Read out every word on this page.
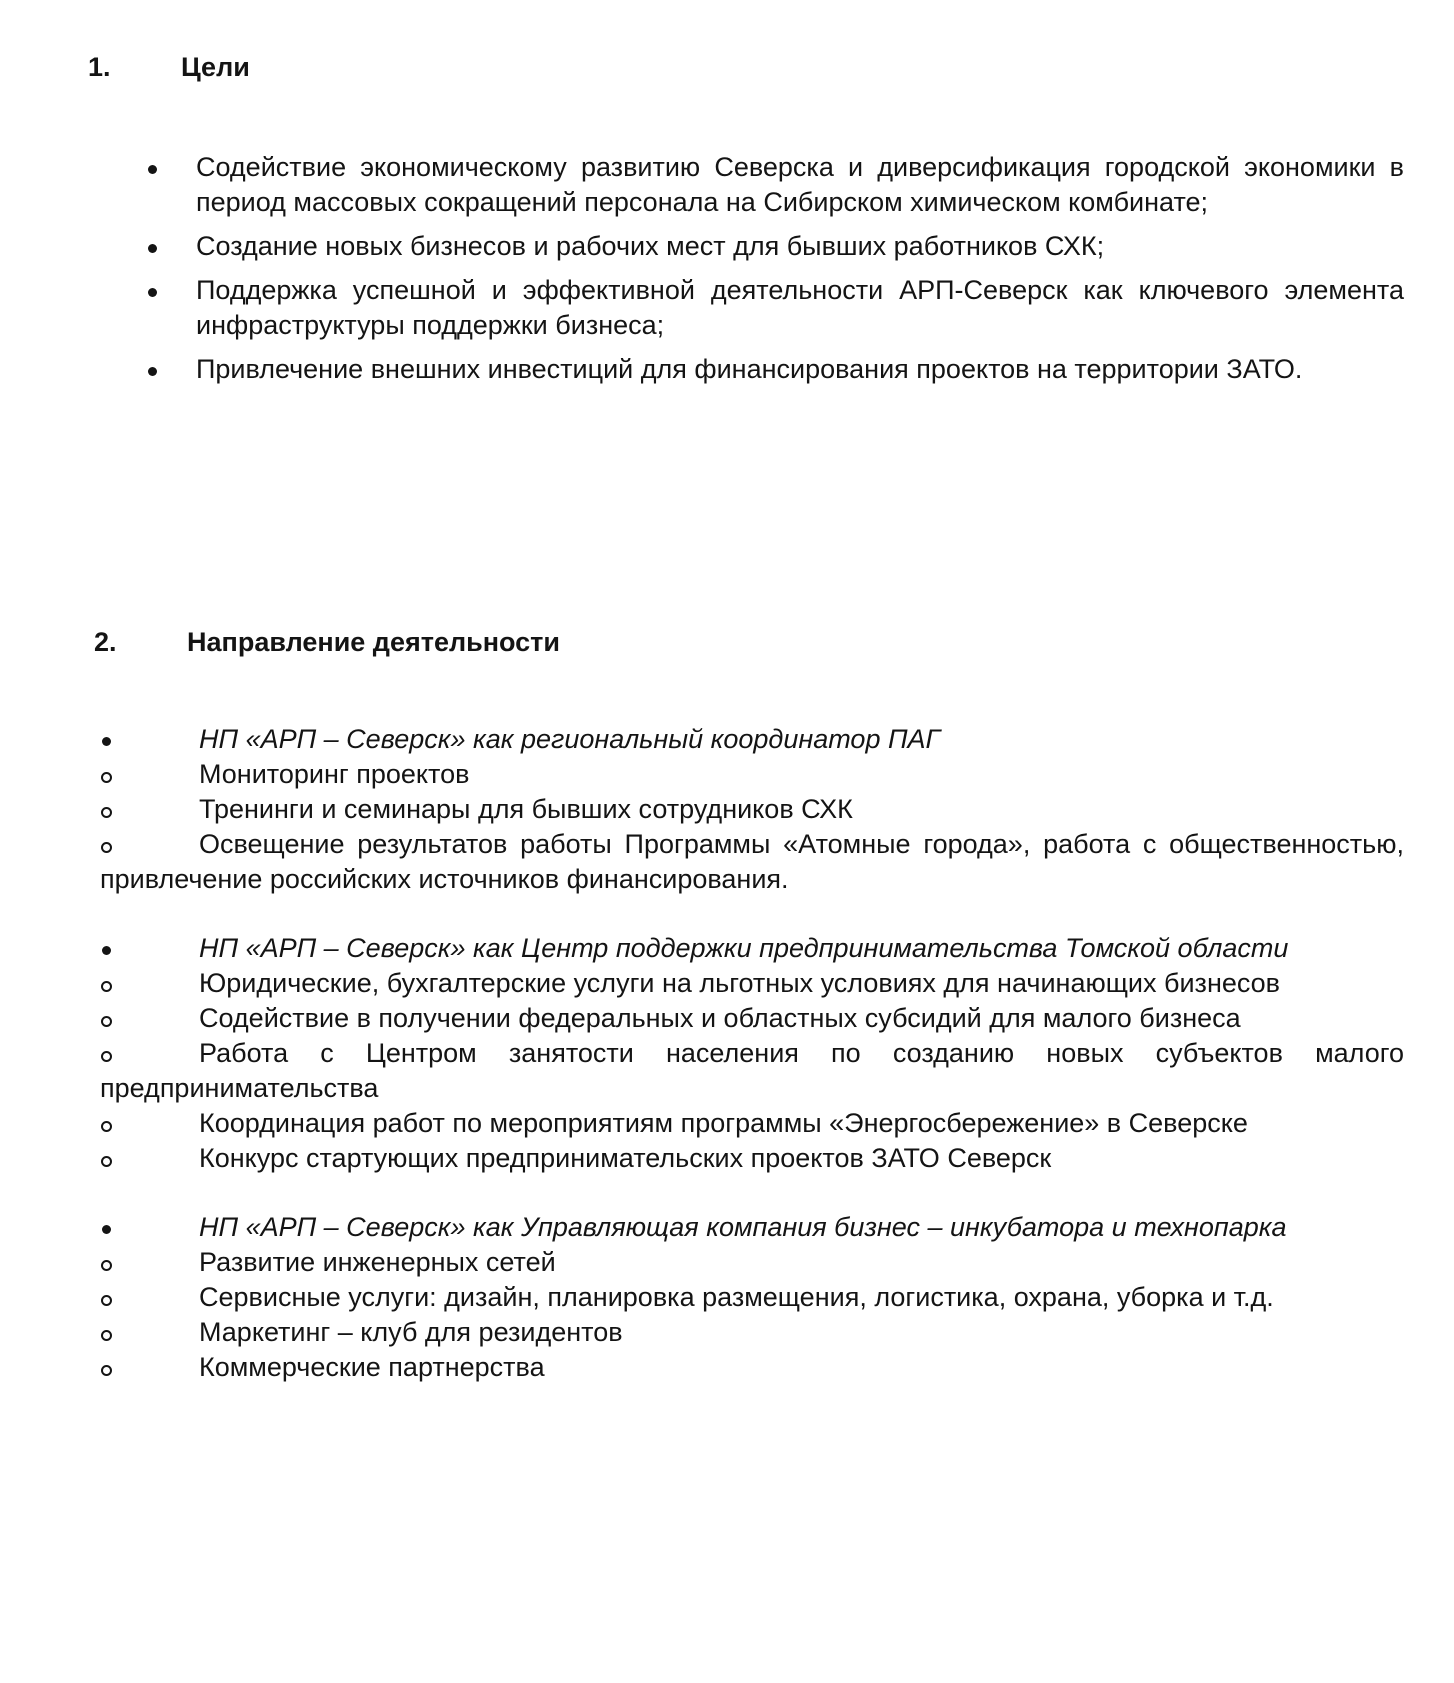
1.	Цели
Содействие экономическому развитию Северска и диверсификация городской экономики в период массовых сокращений персонала на Сибирском химическом комбинате;
Создание новых бизнесов и рабочих мест для бывших работников СХК;
Поддержка успешной и эффективной деятельности АРП-Северск как ключевого элемента инфраструктуры поддержки бизнеса;
Привлечение внешних инвестиций для финансирования проектов на территории ЗАТО.
2.	Направление деятельности
НП «АРП – Северск» как региональный координатор ПАГ
Мониторинг проектов
Тренинги и семинары для бывших сотрудников СХК
Освещение результатов работы Программы «Атомные города», работа с общественностью, привлечение российских источников финансирования.
НП «АРП – Северск» как Центр поддержки предпринимательства Томской области
Юридические, бухгалтерские услуги на льготных условиях для начинающих бизнесов
Содействие в получении федеральных и областных субсидий для малого бизнеса
Работа с Центром занятости населения по созданию новых субъектов малого предпринимательства
Координация работ по мероприятиям программы «Энергосбережение» в Северске
Конкурс стартующих предпринимательских проектов ЗАТО Северск
НП «АРП – Северск» как Управляющая компания бизнес – инкубатора и технопарка
Развитие инженерных сетей
Сервисные услуги: дизайн, планировка размещения, логистика, охрана, уборка и т.д.
Маркетинг – клуб для резидентов
Коммерческие партнерства
